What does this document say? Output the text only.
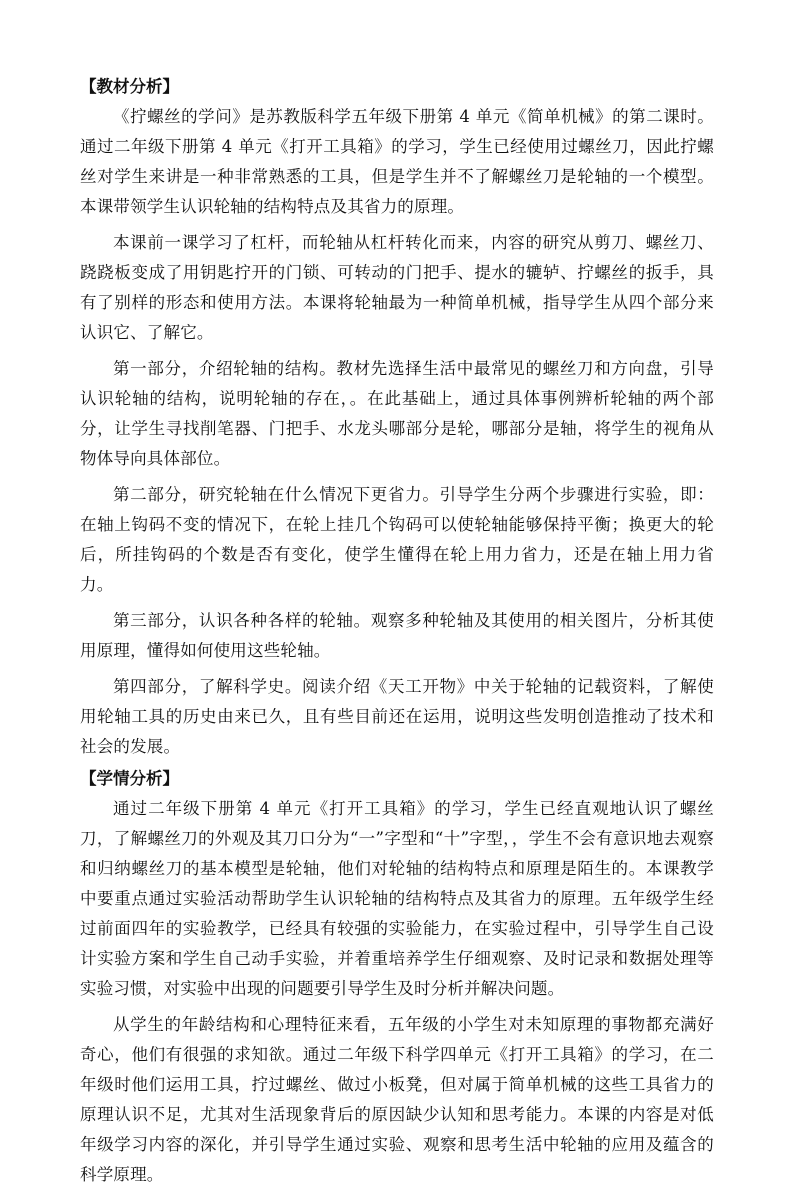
【教材分析】

《拧螺丝的学问》是苏教版科学五年级下册第 4 单元《简单机械》的第二课时。通过二年级下册第 4 单元《打开工具箱》的学习，学生已经使用过螺丝刀，因此拧螺丝对学生来讲是一种非常熟悉的工具，但是学生并不了解螺丝刀是轮轴的一个模型。本课带领学生认识轮轴的结构特点及其省力的原理。

本课前一课学习了杠杆，而轮轴从杠杆转化而来，内容的研究从剪刀、螺丝刀、跷跷板变成了用钥匙拧开的门锁、可转动的门把手、提水的辘轳、拧螺丝的扳手，具有了别样的形态和使用方法。本课将轮轴最为一种简单机械，指导学生从四个部分来认识它、了解它。

第一部分，介绍轮轴的结构。教材先选择生活中最常见的螺丝刀和方向盘，引导认识轮轴的结构，说明轮轴的存在，。在此基础上，通过具体事例辨析轮轴的两个部分，让学生寻找削笔器、门把手、水龙头哪部分是轮，哪部分是轴，将学生的视角从物体导向具体部位。

第二部分，研究轮轴在什么情况下更省力。引导学生分两个步骤进行实验，即：在轴上钩码不变的情况下，在轮上挂几个钩码可以使轮轴能够保持平衡；换更大的轮后，所挂钩码的个数是否有变化，使学生懂得在轮上用力省力，还是在轴上用力省力。

第三部分，认识各种各样的轮轴。观察多种轮轴及其使用的相关图片，分析其使用原理，懂得如何使用这些轮轴。

第四部分，了解科学史。阅读介绍《天工开物》中关于轮轴的记载资料，了解使用轮轴工具的历史由来已久，且有些目前还在运用，说明这些发明创造推动了技术和社会的发展。

【学情分析】

通过二年级下册第 4 单元《打开工具箱》的学习，学生已经直观地认识了螺丝刀，了解螺丝刀的外观及其刀口分为“一”字型和“十”字型，，学生不会有意识地去观察和归纳螺丝刀的基本模型是轮轴，他们对轮轴的结构特点和原理是陌生的。本课教学中要重点通过实验活动帮助学生认识轮轴的结构特点及其省力的原理。五年级学生经过前面四年的实验教学，已经具有较强的实验能力，在实验过程中，引导学生自己设计实验方案和学生自己动手实验，并着重培养学生仔细观察、及时记录和数据处理等实验习惯，对实验中出现的问题要引导学生及时分析并解决问题。

从学生的年龄结构和心理特征来看，五年级的小学生对未知原理的事物都充满好奇心，他们有很强的求知欲。通过二年级下科学四单元《打开工具箱》的学习，在二年级时他们运用工具，拧过螺丝、做过小板凳，但对属于简单机械的这些工具省力的原理认识不足，尤其对生活现象背后的原因缺少认知和思考能力。本课的内容是对低年级学习内容的深化，并引导学生通过实验、观察和思考生活中轮轴的应用及蕴含的科学原理。
